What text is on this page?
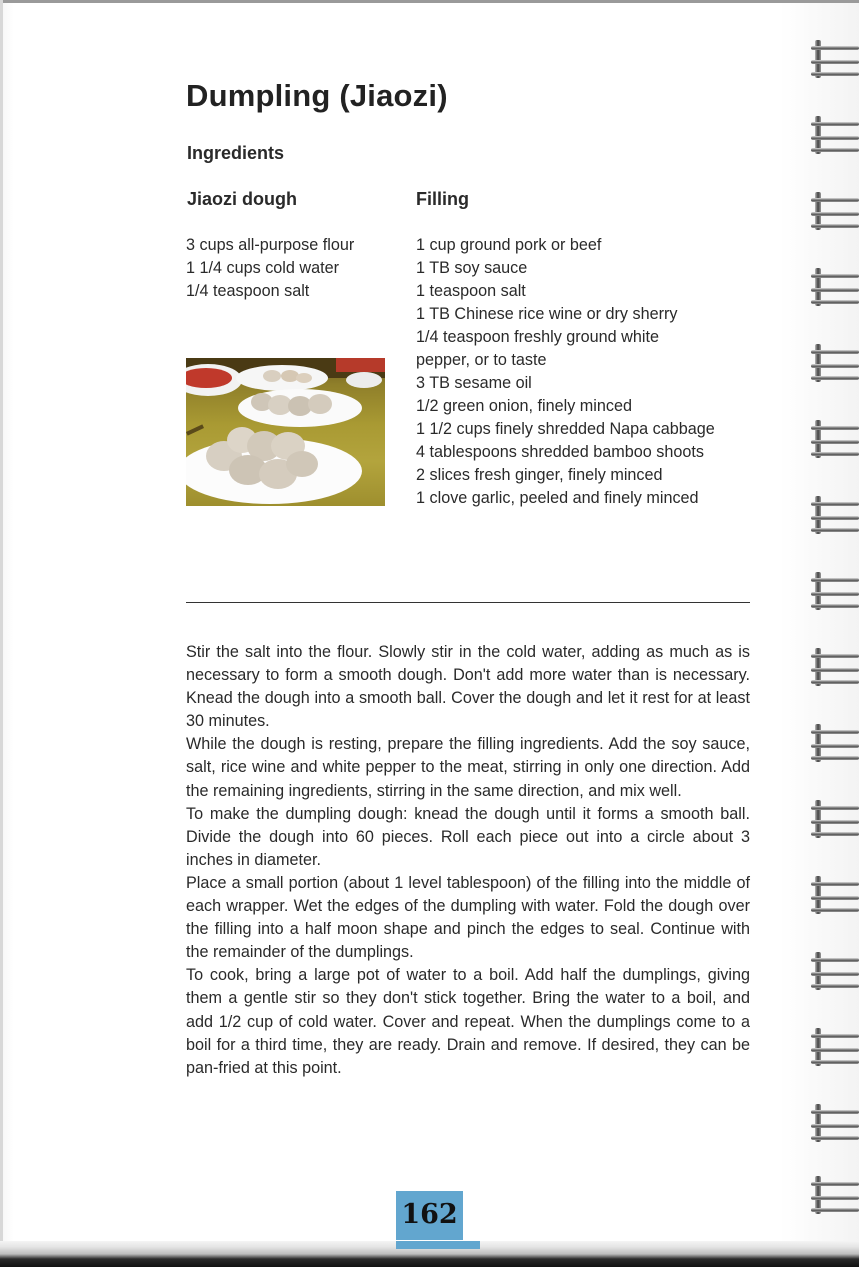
Dumpling (Jiaozi)
Ingredients
Jiaozi dough	Filling
3 cups all-purpose flour
1 1/4 cups cold water
1/4 teaspoon salt
1 cup ground pork or beef
1 TB soy sauce
1 teaspoon salt
1 TB Chinese rice wine or dry sherry
1/4 teaspoon freshly ground white pepper, or to taste
3 TB sesame oil
1/2 green onion, finely minced
1 1/2 cups finely shredded Napa cabbage
4 tablespoons shredded bamboo shoots
2 slices fresh ginger, finely minced
1 clove garlic, peeled and finely minced

Stir the salt into the flour. Slowly stir in the cold water, adding as much as is necessary to form a smooth dough. Don't add more water than is necessary. Knead the dough into a smooth ball. Cover the dough and let it rest for at least 30 minutes.

While the dough is resting, prepare the filling ingredients. Add the soy sauce, salt, rice wine and white pepper to the meat, stirring in only one direction. Add the remaining ingredients, stirring in the same direction, and mix well.

To make the dumpling dough: knead the dough until it forms a smooth ball. Divide the dough into 60 pieces. Roll each piece out into a circle about 3 inches in diameter.

Place a small portion (about 1 level tablespoon) of the filling into the middle of each wrapper. Wet the edges of the dumpling with water. Fold the dough over the filling into a half moon shape and pinch the edges to seal. Continue with the remainder of the dumplings.

To cook, bring a large pot of water to a boil. Add half the dumplings, giving them a gentle stir so they don't stick together. Bring the water to a boil, and add 1/2 cup of cold water. Cover and repeat. When the dumplings come to a boil for a third time, they are ready. Drain and remove. If desired, they can be pan-fried at this point.

162
